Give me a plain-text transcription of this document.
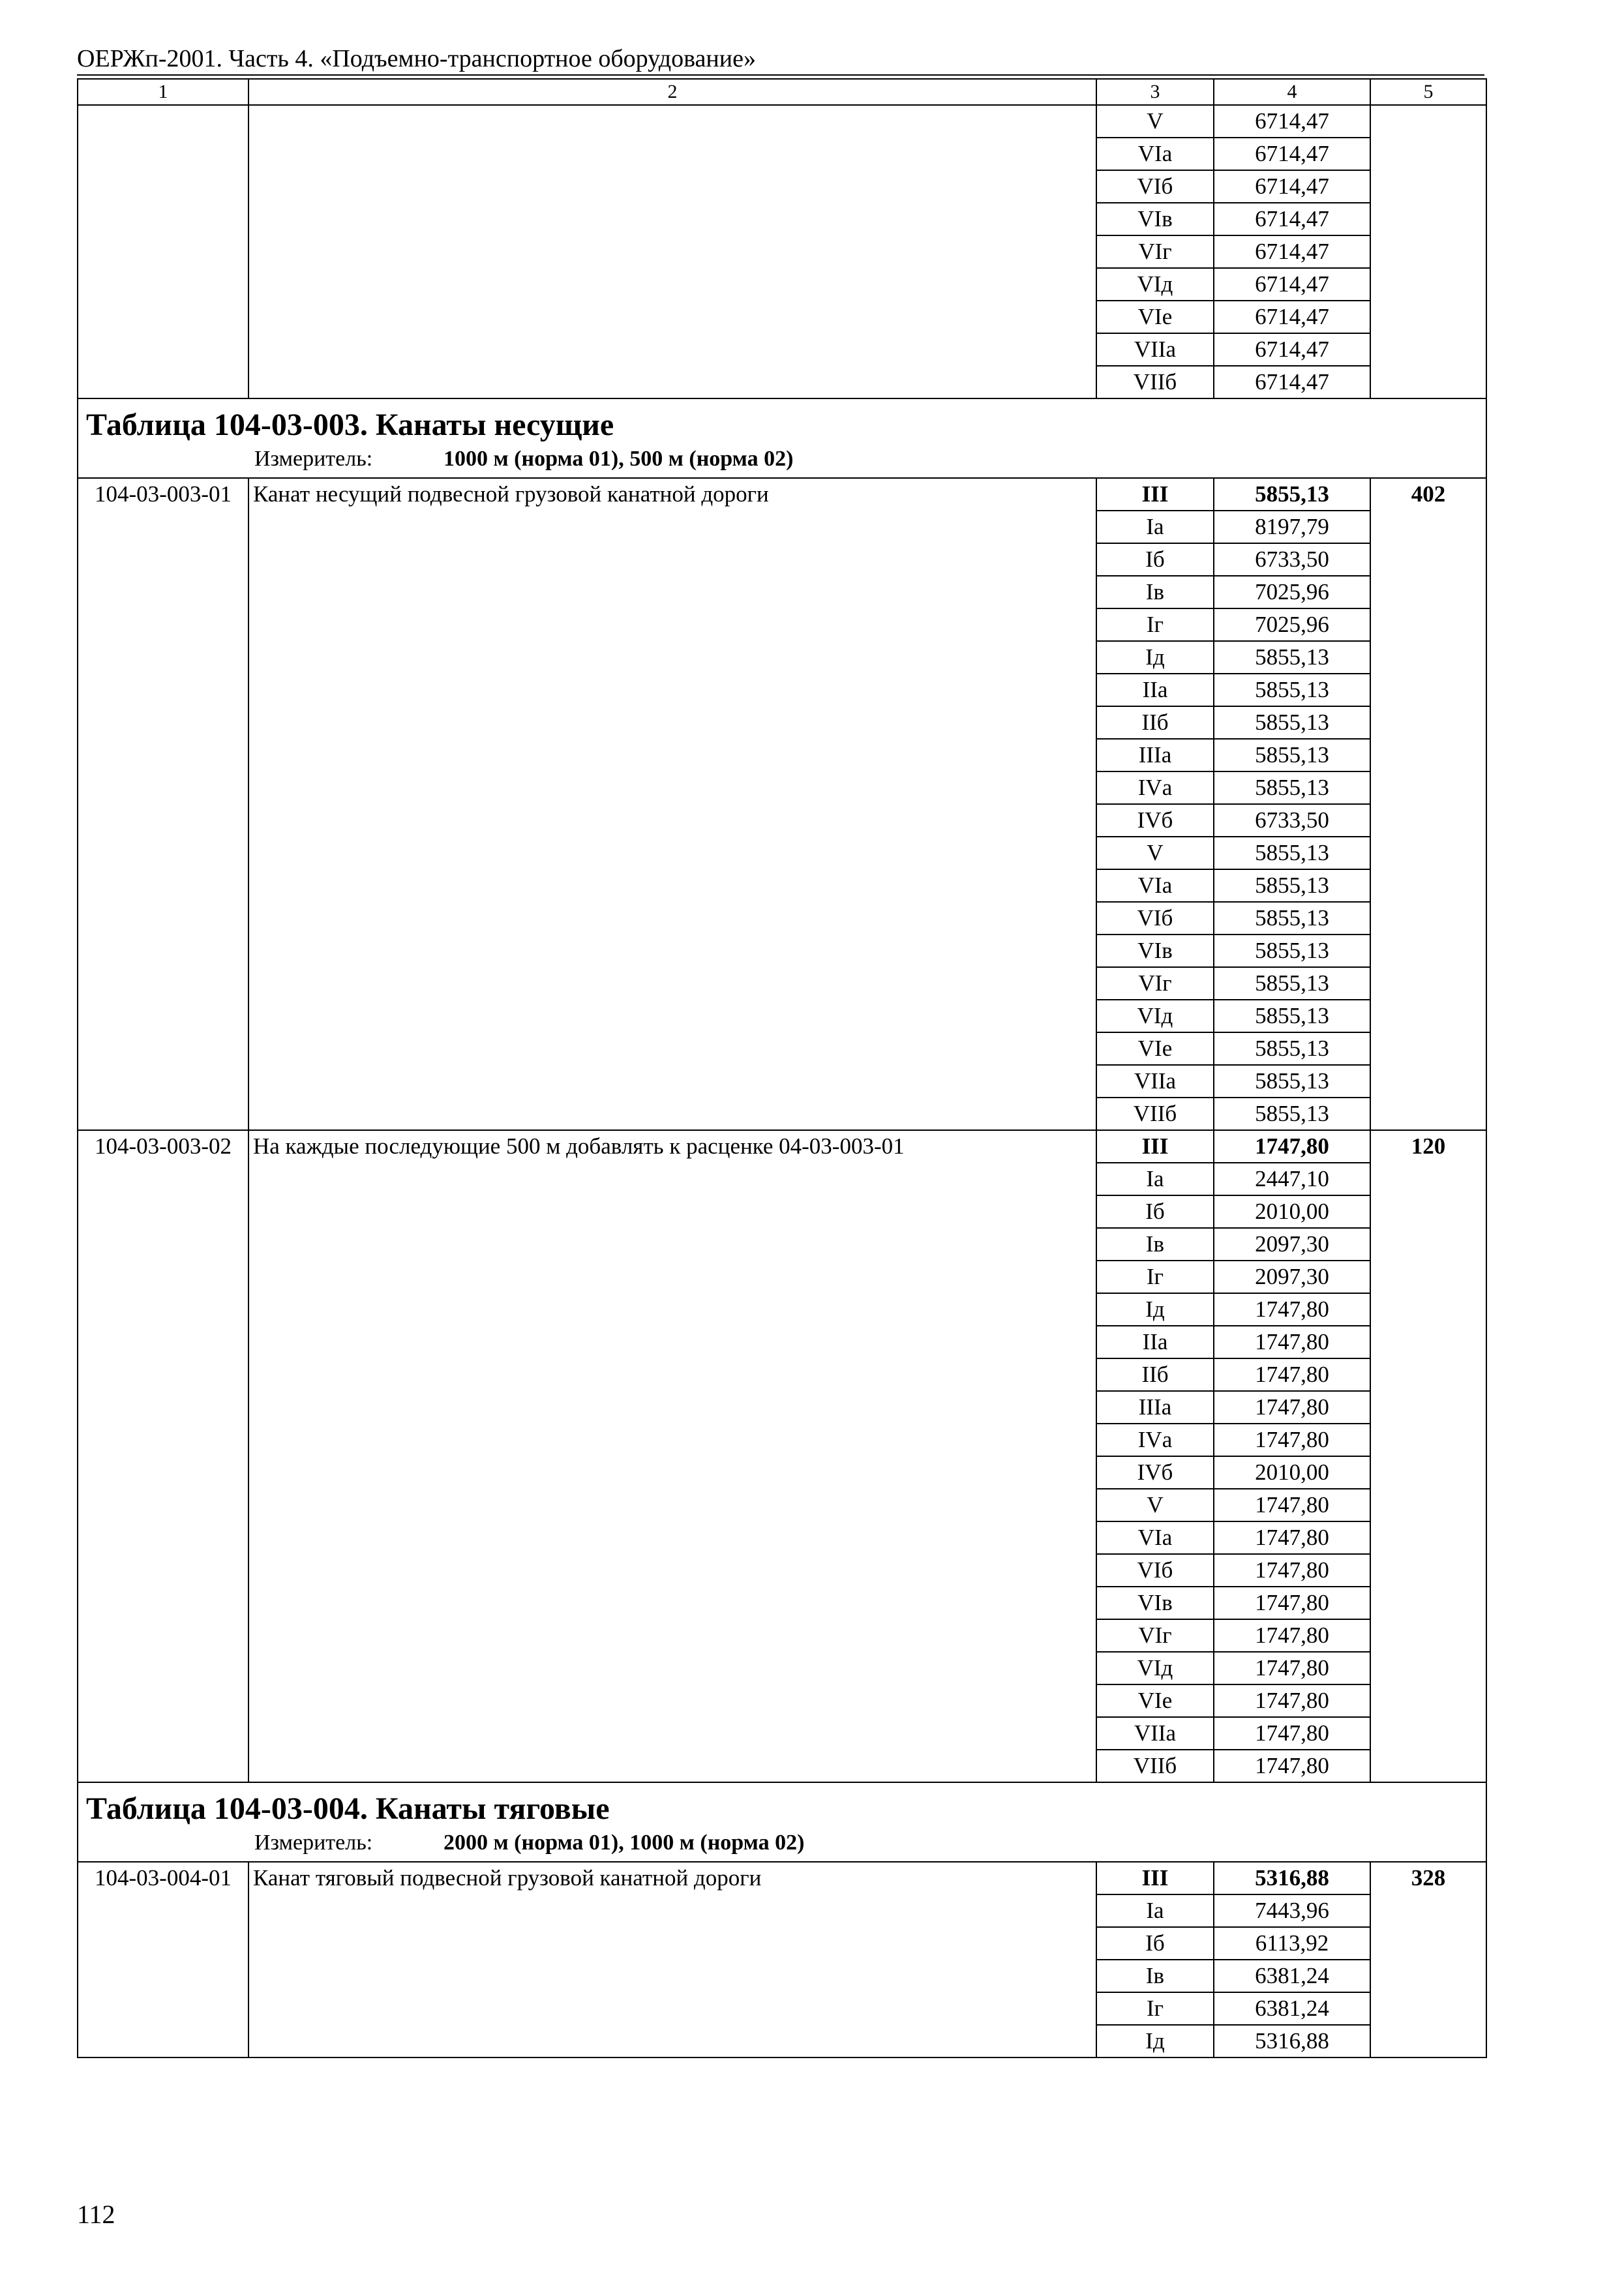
ОЕРЖп-2001. Часть 4. «Подъемно-транспортное оборудование»
1	2	3	4	5
		V	6714,47	
		VIа	6714,47	
		VIб	6714,47	
		VIв	6714,47	
		VIг	6714,47	
		VIд	6714,47	
		VIе	6714,47	
		VIIа	6714,47	
		VIIб	6714,47	

Таблица 104-03-003. Канаты несущие
Измеритель: 1000 м (норма 01), 500 м (норма 02)				

104-03-003-01	Канат несущий подвесной грузовой канатной дороги	III	5855,13	402
		Iа	8197,79	
		Iб	6733,50	
		Iв	7025,96	
		Iг	7025,96	
		Iд	5855,13	
		IIа	5855,13	
		IIб	5855,13	
		IIIа	5855,13	
		IVа	5855,13	
		IVб	6733,50	
		V	5855,13	
		VIа	5855,13	
		VIб	5855,13	
		VIв	5855,13	
		VIг	5855,13	
		VIд	5855,13	
		VIе	5855,13	
		VIIа	5855,13	
		VIIб	5855,13	
104-03-003-02	На каждые последующие 500 м добавлять к расценке 04-03-003-01	III	1747,80	120
		Iа	2447,10	
		Iб	2010,00	
		Iв	2097,30	
		Iг	2097,30	
		Iд	1747,80	
		IIа	1747,80	
		IIб	1747,80	
		IIIа	1747,80	
		IVа	1747,80	
		IVб	2010,00	
		V	1747,80	
		VIа	1747,80	
		VIб	1747,80	
		VIв	1747,80	
		VIг	1747,80	
		VIд	1747,80	
		VIе	1747,80	
		VIIа	1747,80	
		VIIб	1747,80	

Таблица 104-03-004. Канаты тяговые
Измеритель: 2000 м (норма 01), 1000 м (норма 02)				

104-03-004-01	Канат тяговый подвесной грузовой канатной дороги	III	5316,88	328
		Iа	7443,96	
		Iб	6113,92	
		Iв	6381,24	
		Iг	6381,24	
		Iд	5316,88	
112
